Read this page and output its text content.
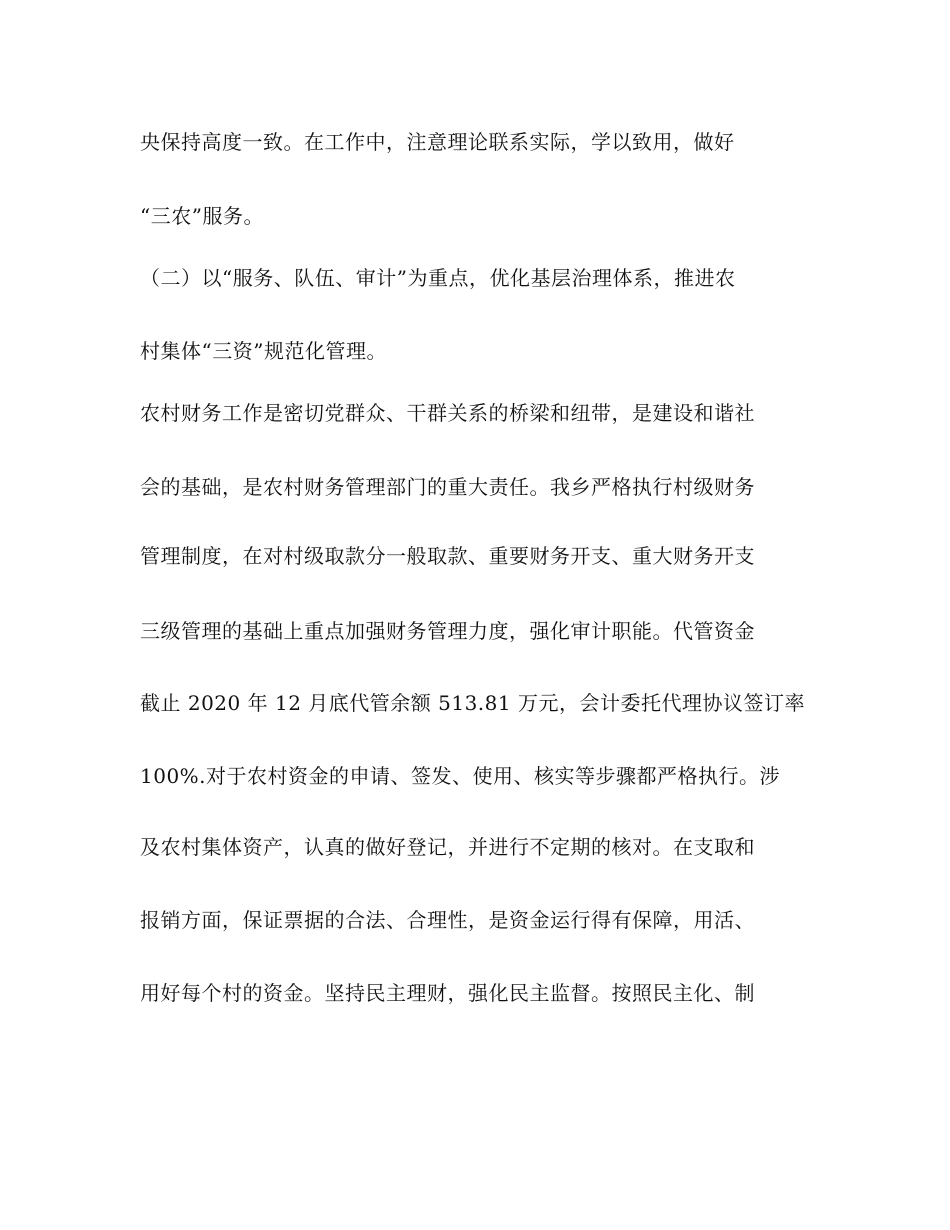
央保持高度一致。在工作中，注意理论联系实际，学以致用，做好
“三农”服务。
（二）以“服务、队伍、审计”为重点，优化基层治理体系，推进农
村集体“三资”规范化管理。
农村财务工作是密切党群众、干群关系的桥梁和纽带，是建设和谐社
会的基础，是农村财务管理部门的重大责任。我乡严格执行村级财务
管理制度，在对村级取款分一般取款、重要财务开支、重大财务开支
三级管理的基础上重点加强财务管理力度，强化审计职能。代管资金
截止 2020 年 12 月底代管余额 513.81 万元，会计委托代理协议签订率
100%.对于农村资金的申请、签发、使用、核实等步骤都严格执行。涉
及农村集体资产，认真的做好登记，并进行不定期的核对。在支取和
报销方面，保证票据的合法、合理性，是资金运行得有保障，用活、
用好每个村的资金。坚持民主理财，强化民主监督。按照民主化、制
